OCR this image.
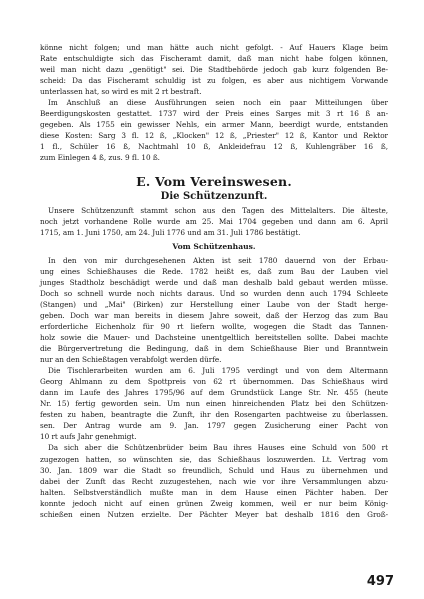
könne nicht folgen; und man hätte auch nicht gefolgt. - Auf Hauers Klage beim

Rate entschuldigte sich das Fischeramt damit, daß man nicht habe folgen können,

weil man nicht dazu „genötigt" sei. Die Stadtbehörde jedoch gab kurz folgenden Be-

scheid: Da das Fischeramt schuldig ist zu folgen, es aber aus nichtigem Vorwande

unterlassen hat, so wird es mit 2 rt bestraft.

Im Anschluß an diese Ausführungen seien noch ein paar Mitteilungen über

Beerdigungskosten gestattet. 1737 wird der Preis eines Sarges mit 3 rt 16 ß an-

gegeben. Als 1755 ein gewisser Nehls, ein armer Mann, beerdigt wurde, entstanden

diese Kosten: Sarg 3 fl. 12 ß, „Klocken" 12 ß, „Priester" 12 ß, Kantor und Rektor

1 fl., Schüler 16 ß, Nachtmahl 10 ß, Ankleidefrau 12 ß, Kuhlengräber 16 ß,

zum Einlegen 4 ß, zus. 9 fl. 10 ß.

E. Vom Vereinswesen.
Die Schützenzunft.

Unsere Schützenzunft stammt schon aus den Tagen des Mittelalters. Die älteste,

noch jetzt vorhandene Rolle wurde am 25. Mai 1704 gegeben und dann am 6. April

1715, am 1. Juni 1750, am 24. Juli 1776 und am 31. Juli 1786 bestätigt.

Vom Schützenhaus.

In den von mir durchgesehenen Akten ist seit 1780 dauernd von der Erbau-

ung eines Schießhauses die Rede. 1782 heißt es, daß zum Bau der Lauben viel

junges Stadtholz beschädigt werde und daß man deshalb bald gebaut werden müsse.

Doch so schnell wurde noch nichts daraus. Und so wurden denn auch 1794 Schleete

(Stangen) und „Mai" (Birken) zur Herstellung einer Laube von der Stadt herge-

geben. Doch war man bereits in diesem Jahre soweit, daß der Herzog das zum Bau

erforderliche Eichenholz für 90 rt liefern wollte, wogegen die Stadt das Tannen-

holz sowie die Mauer- und Dachsteine unentgeltlich bereitstellen sollte. Dabei machte

die Bürgervertretung die Bedingung, daß in dem Schießhause Bier und Branntwein

nur an den Schießtagen verabfolgt werden dürfe.

Die Tischlerarbeiten wurden am 6. Juli 1795 verdingt und von dem Altermann

Georg Ahlmann zu dem Spottpreis von 62 rt übernommen. Das Schießhaus wird

dann im Laufe des Jahres 1795/96 auf dem Grundstück Lange Str. Nr. 455 (heute

Nr. 15) fertig geworden sein. Um nun einen hinreichenden Platz bei den Schützen-

festen zu haben, beantragte die Zunft, ihr den Rosengarten pachtweise zu überlassen.

sen. Der Antrag wurde am 9. Jan. 1797 gegen Zusicherung einer Pacht von

10 rt aufs Jahr genehmigt.

Da sich aber die Schützenbrüder beim Bau ihres Hauses eine Schuld von 500 rt

zugezogen hatten, so wünschten sie, das Schießhaus loszuwerden. Lt. Vertrag vom

30. Jan. 1809 war die Stadt so freundlich, Schuld und Haus zu übernehmen und

dabei der Zunft das Recht zuzugestehen, nach wie vor ihre Versammlungen abzu-

halten. Selbstverständlich mußte man in dem Hause einen Pächter haben. Der

konnte jedoch nicht auf einen grünen Zweig kommen, weil er nur beim König-

schießen einen Nutzen erzielte. Der Pächter Meyer bat deshalb 1816 den Groß-

497
